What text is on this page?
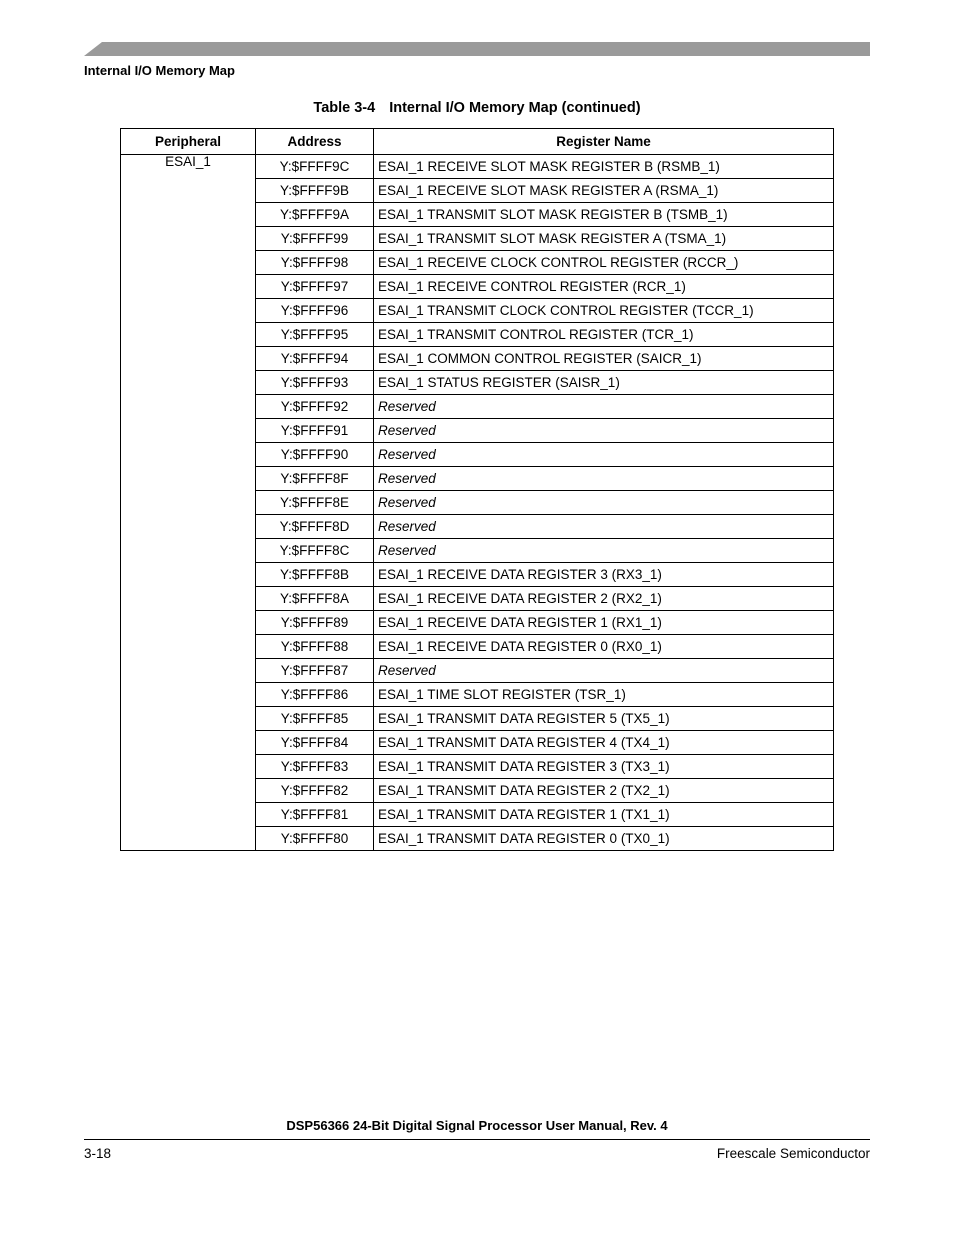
Internal I/O Memory Map
Table 3-4 Internal I/O Memory Map (continued)
Peripheral	Address	Register Name
ESAI_1	Y:$FFFF9C	ESAI_1 RECEIVE SLOT MASK REGISTER B (RSMB_1)
	Y:$FFFF9B	ESAI_1 RECEIVE SLOT MASK REGISTER A (RSMA_1)
	Y:$FFFF9A	ESAI_1 TRANSMIT SLOT MASK REGISTER B (TSMB_1)
	Y:$FFFF99	ESAI_1 TRANSMIT SLOT MASK REGISTER A (TSMA_1)
	Y:$FFFF98	ESAI_1 RECEIVE CLOCK CONTROL REGISTER (RCCR_)
	Y:$FFFF97	ESAI_1 RECEIVE CONTROL REGISTER (RCR_1)
	Y:$FFFF96	ESAI_1 TRANSMIT CLOCK CONTROL REGISTER (TCCR_1)
	Y:$FFFF95	ESAI_1 TRANSMIT CONTROL REGISTER (TCR_1)
	Y:$FFFF94	ESAI_1 COMMON CONTROL REGISTER (SAICR_1)
	Y:$FFFF93	ESAI_1 STATUS REGISTER (SAISR_1)
	Y:$FFFF92	Reserved
	Y:$FFFF91	Reserved
	Y:$FFFF90	Reserved
	Y:$FFFF8F	Reserved
	Y:$FFFF8E	Reserved
	Y:$FFFF8D	Reserved
	Y:$FFFF8C	Reserved
	Y:$FFFF8B	ESAI_1 RECEIVE DATA REGISTER 3 (RX3_1)
	Y:$FFFF8A	ESAI_1 RECEIVE DATA REGISTER 2 (RX2_1)
	Y:$FFFF89	ESAI_1 RECEIVE DATA REGISTER 1 (RX1_1)
	Y:$FFFF88	ESAI_1 RECEIVE DATA REGISTER 0 (RX0_1)
	Y:$FFFF87	Reserved
	Y:$FFFF86	ESAI_1 TIME SLOT REGISTER (TSR_1)
	Y:$FFFF85	ESAI_1 TRANSMIT DATA REGISTER 5 (TX5_1)
	Y:$FFFF84	ESAI_1 TRANSMIT DATA REGISTER 4 (TX4_1)
	Y:$FFFF83	ESAI_1 TRANSMIT DATA REGISTER 3 (TX3_1)
	Y:$FFFF82	ESAI_1 TRANSMIT DATA REGISTER 2 (TX2_1)
	Y:$FFFF81	ESAI_1 TRANSMIT DATA REGISTER 1 (TX1_1)
	Y:$FFFF80	ESAI_1 TRANSMIT DATA REGISTER 0 (TX0_1)
DSP56366 24-Bit Digital Signal Processor User Manual, Rev. 4
3-18	Freescale Semiconductor
